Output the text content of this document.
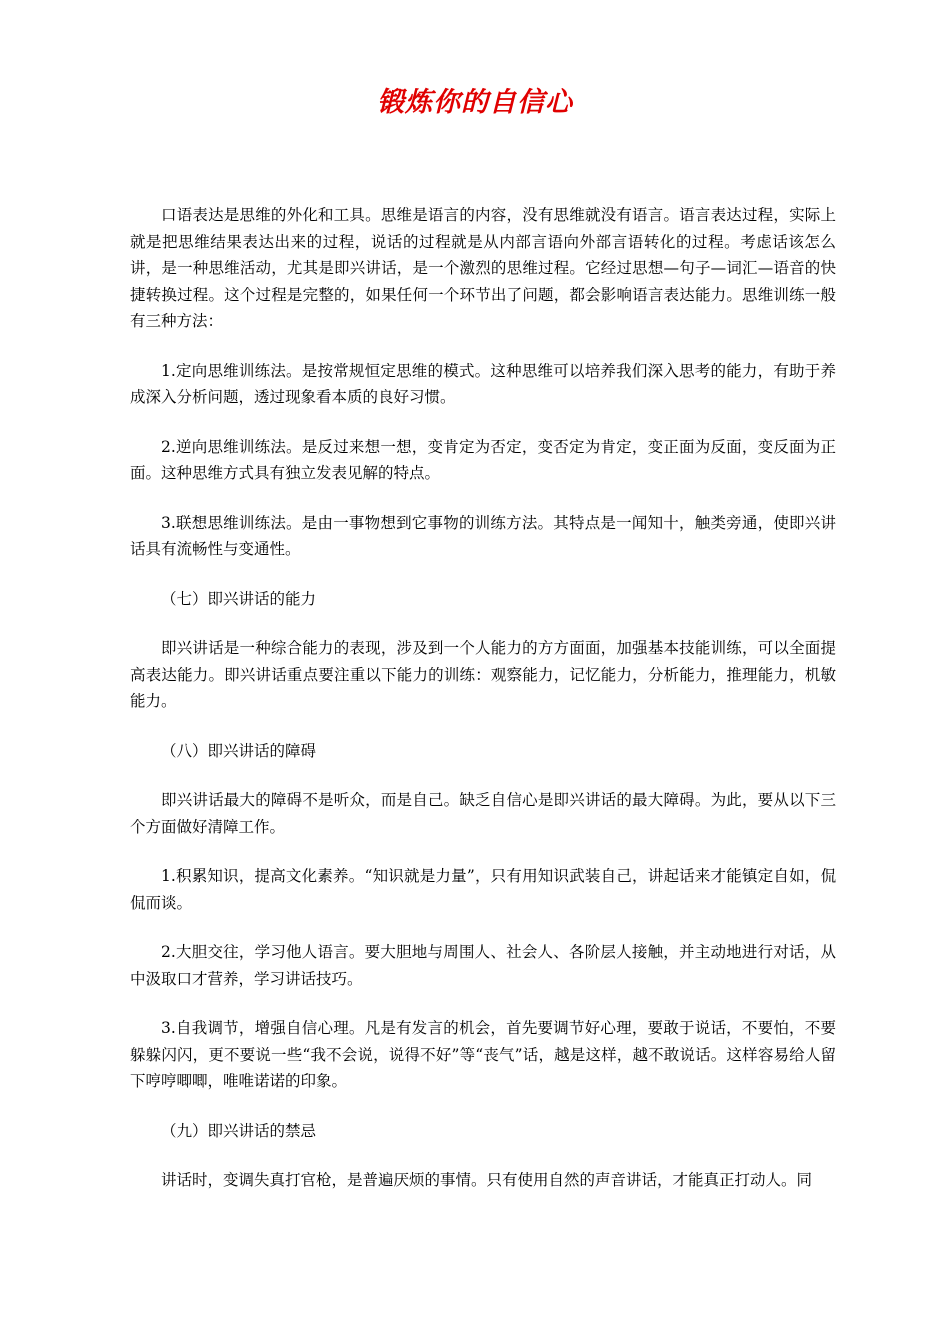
锻炼你的自信心

口语表达是思维的外化和工具。思维是语言的内容，没有思维就没有语言。语言表达过程，实际上就是把思维结果表达出来的过程，说话的过程就是从内部言语向外部言语转化的过程。考虑话该怎么讲，是一种思维活动，尤其是即兴讲话，是一个激烈的思维过程。它经过思想—句子—词汇—语音的快捷转换过程。这个过程是完整的，如果任何一个环节出了问题，都会影响语言表达能力。思维训练一般有三种方法：

1.定向思维训练法。是按常规恒定思维的模式。这种思维可以培养我们深入思考的能力，有助于养成深入分析问题，透过现象看本质的良好习惯。

2.逆向思维训练法。是反过来想一想，变肯定为否定，变否定为肯定，变正面为反面，变反面为正面。这种思维方式具有独立发表见解的特点。

3.联想思维训练法。是由一事物想到它事物的训练方法。其特点是一闻知十，触类旁通，使即兴讲话具有流畅性与变通性。

（七）即兴讲话的能力

即兴讲话是一种综合能力的表现，涉及到一个人能力的方方面面，加强基本技能训练，可以全面提高表达能力。即兴讲话重点要注重以下能力的训练：观察能力，记忆能力，分析能力，推理能力，机敏能力。

（八）即兴讲话的障碍

即兴讲话最大的障碍不是听众，而是自己。缺乏自信心是即兴讲话的最大障碍。为此，要从以下三个方面做好清障工作。

1.积累知识，提高文化素养。“知识就是力量”，只有用知识武装自己，讲起话来才能镇定自如，侃侃而谈。

2.大胆交往，学习他人语言。要大胆地与周围人、社会人、各阶层人接触，并主动地进行对话，从中汲取口才营养，学习讲话技巧。

3.自我调节，增强自信心理。凡是有发言的机会，首先要调节好心理，要敢于说话，不要怕，不要躲躲闪闪，更不要说一些“我不会说，说得不好”等“丧气”话，越是这样，越不敢说话。这样容易给人留下哼哼唧唧，唯唯诺诺的印象。

（九）即兴讲话的禁忌

讲话时，变调失真打官枪，是普遍厌烦的事情。只有使用自然的声音讲话，才能真正打动人。同
